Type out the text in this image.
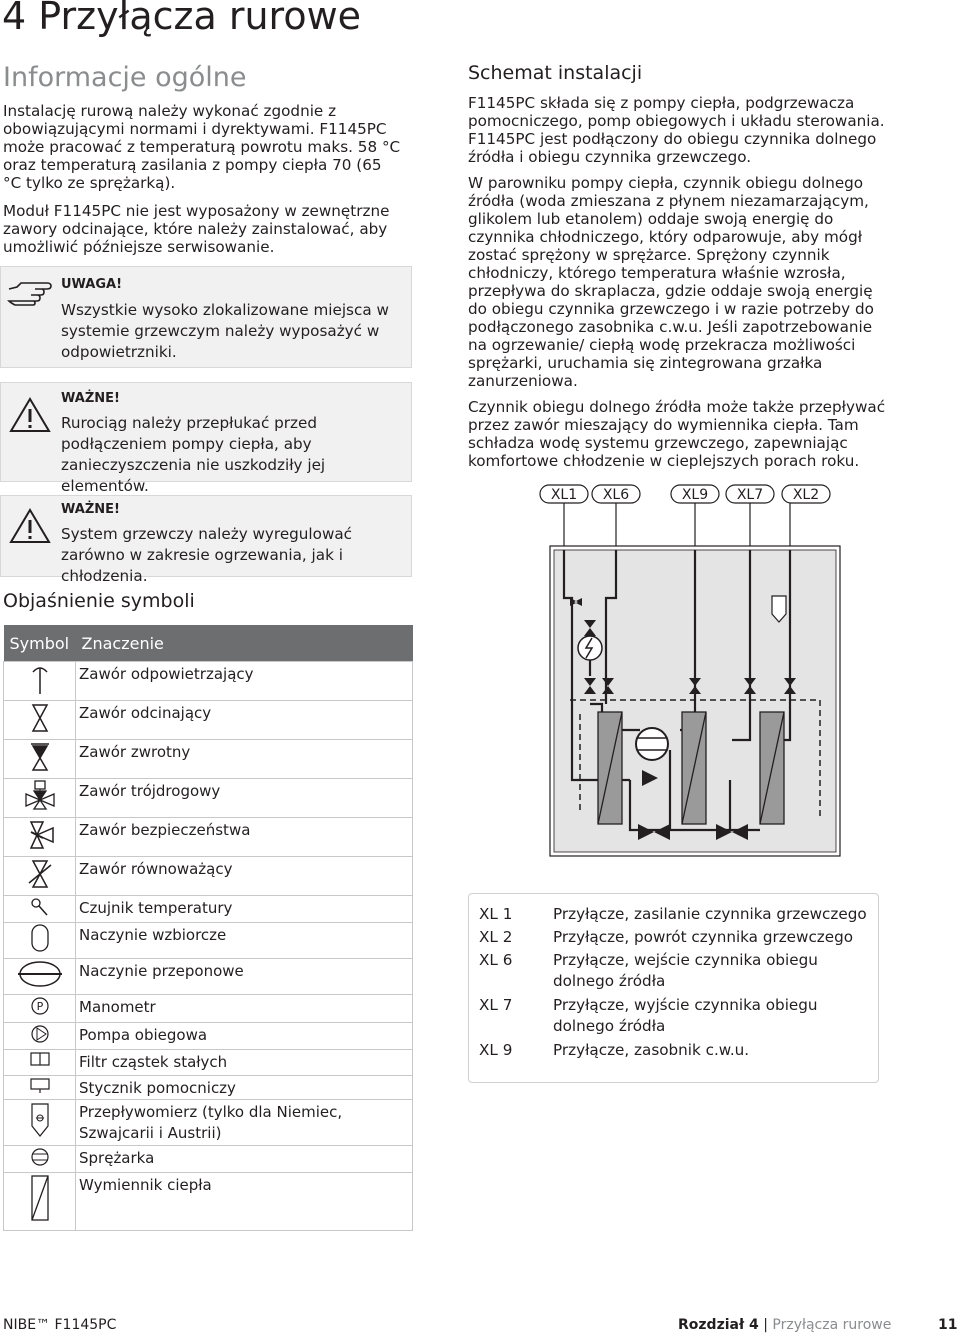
4 Przyłącza rurowe
Informacje ogólne

Instalację rurową należy wykonać zgodnie z obowiązującymi normami i dyrektywami. F1145PC może pracować z temperaturą powrotu maks. 58 °C oraz temperaturą zasilania z pompy ciepła 70 (65 °C tylko ze sprężarką).

Moduł F1145PC nie jest wyposażony w zewnętrzne zawory odcinające, które należy zainstalować, aby umożliwić późniejsze serwisowanie.

UWAGA!
Wszystkie wysoko zlokalizowane miejsca w systemie grzewczym należy wyposażyć w odpowietrzniki.
WAŻNE!
Rurociąg należy przepłukać przed podłączeniem pompy ciepła, aby zanieczyszczenia nie uszkodziły jej elementów.
WAŻNE!
System grzewczy należy wyregulować zarówno w zakresie ogrzewania, jak i chłodzenia.
Objaśnienie symboli
Symbol	Znaczenie
	Zawór odpowietrzający
	Zawór odcinający
	Zawór zwrotny
	Zawór trójdrogowy
	Zawór bezpieczeństwa
	Zawór równoważący
	Czujnik temperatury
	Naczynie wzbiorcze
	Naczynie przeponowe

P	Manometr
	Pompa obiegowa
	Filtr cząstek stałych
	Stycznik pomocniczy
	Przepływomierz (tylko dla Niemiec, Szwajcarii i Austrii)
	Sprężarka
	Wymiennik ciepła
Schemat instalacji

F1145PC składa się z pompy ciepła, podgrzewacza pomocniczego, pomp obiegowych i układu sterowania. F1145PC jest podłączony do obiegu czynnika dolnego źródła i obiegu czynnika grzewczego.

W parowniku pompy ciepła, czynnik obiegu dolnego źródła (woda zmieszana z płynem niezamarzającym, glikolem lub etanolem) oddaje swoją energię do czynnika chłodniczego, który odparowuje, aby mógł zostać sprężony w sprężarce. Sprężony czynnik chłodniczy, którego temperatura właśnie wzrosła, przepływa do skraplacza, gdzie oddaje swoją energię do obiegu czynnika grzewczego i w razie potrzeby do podłączonego zasobnika c.w.u. Jeśli zapotrzebowanie na ogrzewanie/ ciepłą wodę przekracza możliwości sprężarki, uruchamia się zintegrowana grzałka zanurzeniowa.

Czynnik obiegu dolnego źródła może także przepływać przez zawór mieszający do wymiennika ciepła. Tam schładza wodę systemu grzewczego, zapewniając komfortowe chłodzenie w cieplejszych porach roku.

XL1 XL6	XL9 XL7 XL2
XL 1	Przyłącze, zasilanie czynnika grzewczego
XL 2	Przyłącze, powrót czynnika grzewczego
XL 6	Przyłącze, wejście czynnika obiegu dolnego źródła
XL 7	Przyłącze, wyjście czynnika obiegu dolnego źródła
XL 9	Przyłącze, zasobnik c.w.u.
NIBE™ F1145PC	Rozdział 4 | Przyłącza rurowe	11
